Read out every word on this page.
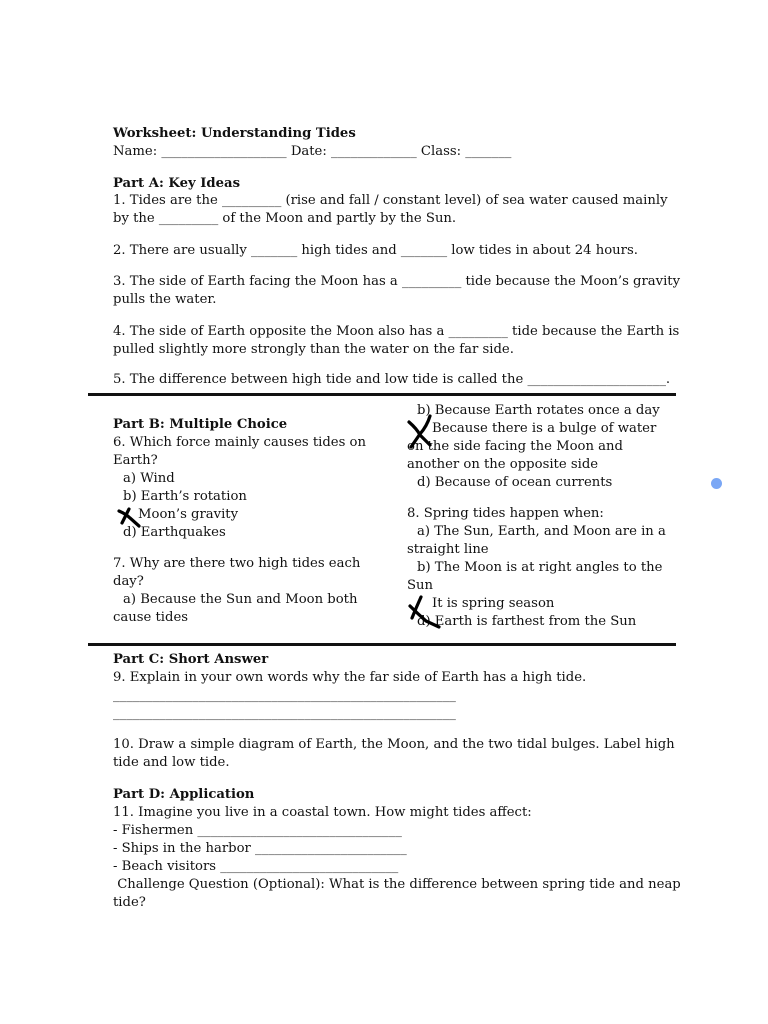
Worksheet: Understanding Tides
Name: ___________________ Date: _____________ Class: _______
Part A: Key Ideas
1. Tides are the _________ (rise and fall / constant level) of sea water caused mainly
by the _________ of the Moon and partly by the Sun.
2. There are usually _______ high tides and _______ low tides in about 24 hours.
3. The side of Earth facing the Moon has a _________ tide because the Moon’s gravity
pulls the water.
4. The side of Earth opposite the Moon also has a _________ tide because the Earth is
pulled slightly more strongly than the water on the far side.
5. The difference between high tide and low tide is called the _____________________.
Part B: Multiple Choice
6. Which force mainly causes tides on
Earth?
a) Wind
b) Earth’s rotation
Moon’s gravity
d) Earthquakes
7. Why are there two high tides each
day?
a) Because the Sun and Moon both
cause tides
b) Because Earth rotates once a day
Because there is a bulge of water
on the side facing the Moon and
another on the opposite side
d) Because of ocean currents
8. Spring tides happen when:
a) The Sun, Earth, and Moon are in a
straight line
b) The Moon is at right angles to the
Sun
It is spring season
d) Earth is farthest from the Sun
Part C: Short Answer
9. Explain in your own words why the far side of Earth has a high tide.
____________________________________________________
____________________________________________________
10. Draw a simple diagram of Earth, the Moon, and the two tidal bulges. Label high
tide and low tide.
Part D: Application
11. Imagine you live in a coastal town. How might tides affect:
- Fishermen _______________________________
- Ships in the harbor _______________________
- Beach visitors ___________________________
Challenge Question (Optional): What is the difference between spring tide and neap
tide?
